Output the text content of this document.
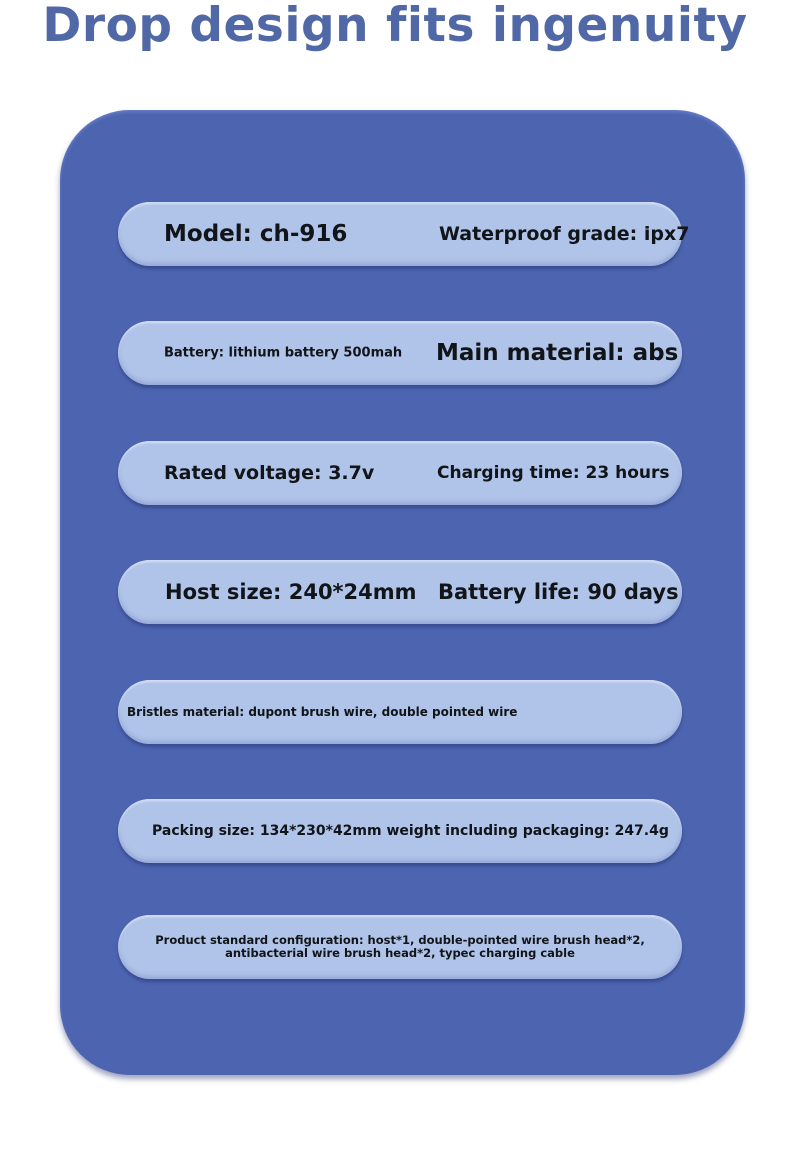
Drop design fits ingenuity
Model: ch-916	Waterproof grade: ipx7
Battery: lithium battery 500mah Main material: abs
Rated voltage: 3.7v	Charging time: 23 hours
Host size: 240*24mm Battery life: 90 days
Bristles material: dupont brush wire, double pointed wire
Packing size: 134*230*42mm weight including packaging: 247.4g
Product standard configuration: host*1, double-pointed wire brush head*2,
antibacterial wire brush head*2, typec charging cable
